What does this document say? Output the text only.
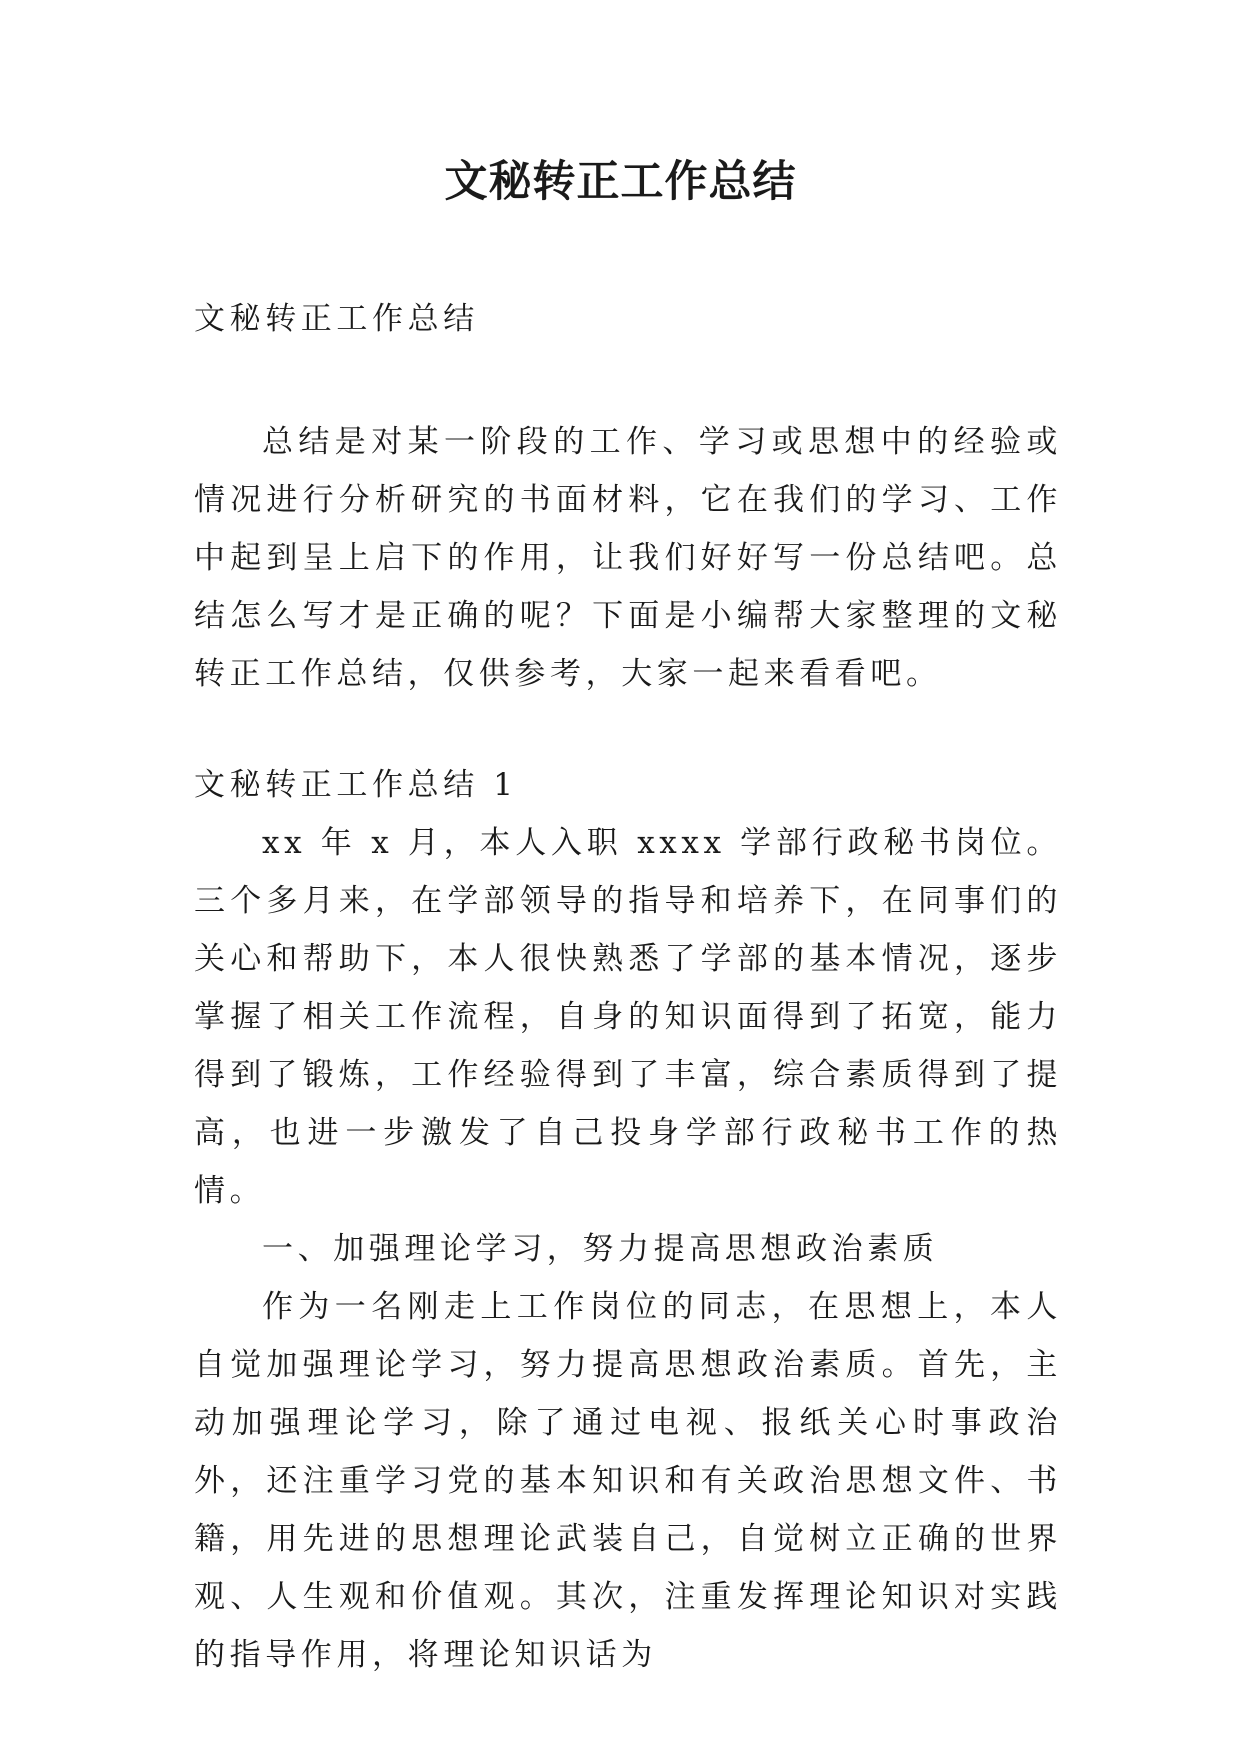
文秘转正工作总结

文秘转正工作总结

总结是对某一阶段的工作、学习或思想中的经验或情况进行分析研究的书面材料，它在我们的学习、工作中起到呈上启下的作用，让我们好好写一份总结吧。总结怎么写才是正确的呢？下面是小编帮大家整理的文秘转正工作总结，仅供参考，大家一起来看看吧。

文秘转正工作总结 1

xx 年 x 月，本人入职 xxxx 学部行政秘书岗位。三个多月来，在学部领导的指导和培养下，在同事们的关心和帮助下，本人很快熟悉了学部的基本情况，逐步掌握了相关工作流程，自身的知识面得到了拓宽，能力得到了锻炼，工作经验得到了丰富，综合素质得到了提高，也进一步激发了自己投身学部行政秘书工作的热情。

一、加强理论学习，努力提高思想政治素质

作为一名刚走上工作岗位的同志，在思想上，本人自觉加强理论学习，努力提高思想政治素质。首先，主动加强理论学习，除了通过电视、报纸关心时事政治外，还注重学习党的基本知识和有关政治思想文件、书籍，用先进的思想理论武装自己，自觉树立正确的世界观、人生观和价值观。其次，注重发挥理论知识对实践的指导作用，将理论知识话为
